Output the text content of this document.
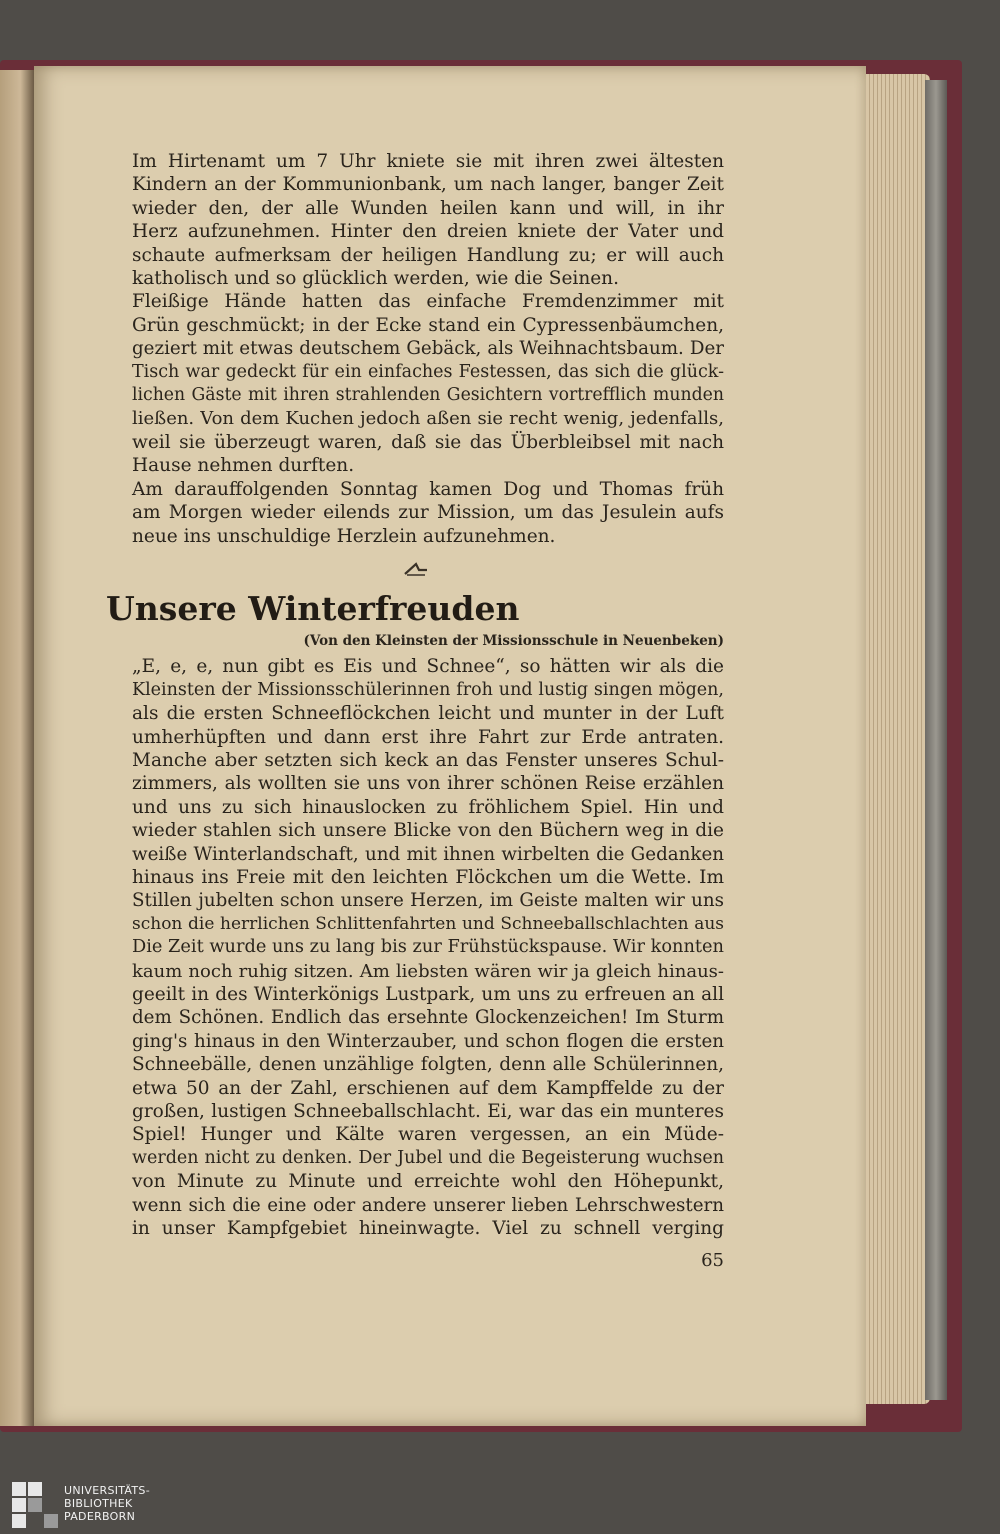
Im Hirtenamt um 7 Uhr kniete sie mit ihren zwei ältesten
Kindern an der Kommunionbank, um nach langer, banger Zeit
wieder den, der alle Wunden heilen kann und will, in ihr
Herz aufzunehmen. Hinter den dreien kniete der Vater und
schaute aufmerksam der heiligen Handlung zu; er will auch
katholisch und so glücklich werden, wie die Seinen.

Fleißige Hände hatten das einfache Fremdenzimmer mit
Grün geschmückt; in der Ecke stand ein Cypressenbäumchen,
geziert mit etwas deutschem Gebäck, als Weihnachtsbaum. Der
Tisch war gedeckt für ein einfaches Festessen, das sich die glück-
lichen Gäste mit ihren strahlenden Gesichtern vortrefflich munden
ließen. Von dem Kuchen jedoch aßen sie recht wenig, jedenfalls,
weil sie überzeugt waren, daß sie das Überbleibsel mit nach
Hause nehmen durften.

Am darauffolgenden Sonntag kamen Dog und Thomas früh
am Morgen wieder eilends zur Mission, um das Jesulein aufs
neue ins unschuldige Herzlein aufzunehmen.

Unsere Winterfreuden
(Von den Kleinsten der Missionsschule in Neuenbeken)

„E, e, e, nun gibt es Eis und Schnee“, so hätten wir als die
Kleinsten der Missionsschülerinnen froh und lustig singen mögen,
als die ersten Schneeflöckchen leicht und munter in der Luft
umherhüpften und dann erst ihre Fahrt zur Erde antraten.
Manche aber setzten sich keck an das Fenster unseres Schul-
zimmers, als wollten sie uns von ihrer schönen Reise erzählen
und uns zu sich hinauslocken zu fröhlichem Spiel. Hin und
wieder stahlen sich unsere Blicke von den Büchern weg in die
weiße Winterlandschaft, und mit ihnen wirbelten die Gedanken
hinaus ins Freie mit den leichten Flöckchen um die Wette. Im
Stillen jubelten schon unsere Herzen, im Geiste malten wir uns
schon die herrlichen Schlittenfahrten und Schneeballschlachten aus
Die Zeit wurde uns zu lang bis zur Frühstückspause. Wir konnten
kaum noch ruhig sitzen. Am liebsten wären wir ja gleich hinaus-
geeilt in des Winterkönigs Lustpark, um uns zu erfreuen an all
dem Schönen. Endlich das ersehnte Glockenzeichen! Im Sturm
ging's hinaus in den Winterzauber, und schon flogen die ersten
Schneebälle, denen unzählige folgten, denn alle Schülerinnen,
etwa 50 an der Zahl, erschienen auf dem Kampffelde zu der
großen, lustigen Schneeballschlacht. Ei, war das ein munteres
Spiel! Hunger und Kälte waren vergessen, an ein Müde-
werden nicht zu denken. Der Jubel und die Begeisterung wuchsen
von Minute zu Minute und erreichte wohl den Höhepunkt,
wenn sich die eine oder andere unserer lieben Lehrschwestern
in unser Kampfgebiet hineinwagte. Viel zu schnell verging

65
UNIVERSITÄTS-
BIBLIOTHEK
PADERBORN
